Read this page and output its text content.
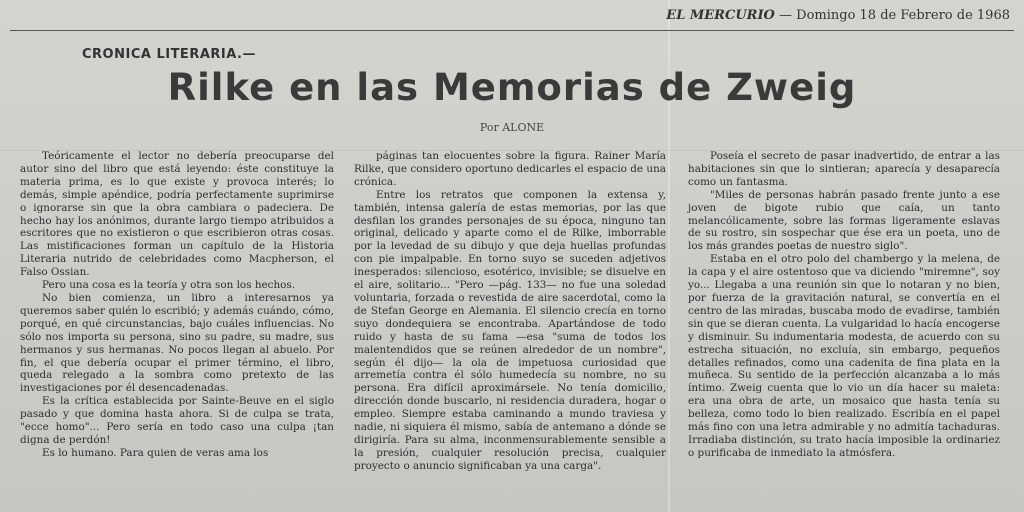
EL MERCURIO — Domingo 18 de Febrero de 1968
CRONICA LITERARIA.—
Rilke en las Memorias de Zweig
Por ALONE

Teóricamente el lector no debería preocuparse del autor sino del libro que está leyendo: éste constituye la materia prima, es lo que existe y provoca interés; lo demás, simple apéndice, podría perfectamente suprimirse o ignorarse sin que la obra cambiara o padeciera. De hecho hay los anónimos, durante largo tiempo atribuidos a escritores que no existieron o que escribieron otras cosas. Las mistificaciones forman un capítulo de la Historia Literaria nutrido de celebridades como Macpherson, el Falso Ossian.

Pero una cosa es la teoría y otra son los hechos.

No bien comienza, un libro a interesarnos ya queremos saber quién lo escribió; y además cuándo, cómo, porqué, en qué circunstancias, bajo cuáles influencias. No sólo nos importa su persona, sino su padre, su madre, sus hermanos y sus hermanas. No pocos llegan al abuelo. Por fin, el que debería ocupar el primer término, el libro, queda relegado a la sombra como pretexto de las investigaciones por él desencadenadas.

Es la crítica establecida por Sainte-Beuve en el siglo pasado y que domina hasta ahora. Si de culpa se trata, "ecce homo"... Pero sería en todo caso una culpa ¡tan digna de perdón!

Es lo humano. Para quien de veras ama los

páginas tan elocuentes sobre la figura. Rainer María Rilke, que considero oportuno dedicarles el espacio de una crónica.

Entre los retratos que componen la extensa y, también, intensa galería de estas memorias, por las que desfilan los grandes personajes de su época, ninguno tan original, delicado y aparte como el de Rilke, imborrable por la levedad de su dibujo y que deja huellas profundas con pie impalpable. En torno suyo se suceden adjetivos inesperados: silencioso, esotérico, invisible; se disuelve en el aire, solitario... "Pero —pág. 133— no fue una soledad voluntaria, forzada o revestida de aire sacerdotal, como la de Stefan George en Alemania. El silencio crecía en torno suyo dondequiera se encontraba. Apartándose de todo ruido y hasta de su fama —esa "suma de todos los malentendidos que se reúnen alrededor de un nombre", según él dijo— la ola de impetuosa curiosidad que arremetía contra él sólo humedecía su nombre, no su persona. Era difícil aproximársele. No tenía domicilio, dirección donde buscarlo, ni residencia duradera, hogar o empleo. Siempre estaba caminando a mundo traviesa y nadie, ni siquiera él mismo, sabía de antemano a dónde se dirigiría. Para su alma, inconmensurablemente sensible a la presión, cualquier resolución precisa, cualquier proyecto o anuncio significaban ya una carga".

Poseía el secreto de pasar inadvertido, de entrar a las habitaciones sin que lo sintieran; aparecía y desaparecía como un fantasma.

"Miles de personas habrán pasado frente junto a ese joven de bigote rubio que caía, un tanto melancólicamente, sobre las formas ligeramente eslavas de su rostro, sin sospechar que ése era un poeta, uno de los más grandes poetas de nuestro siglo".

Estaba en el otro polo del chambergo y la melena, de la capa y el aire ostentoso que va diciendo "miremne", soy yo... Llegaba a una reunión sin que lo notaran y no bien, por fuerza de la gravitación natural, se convertía en el centro de las miradas, buscaba modo de evadirse, también sin que se dieran cuenta. La vulgaridad lo hacía encogerse y disminuir. Su indumentaria modesta, de acuerdo con su estrecha situación, no excluía, sin embargo, pequeños detalles refinados, como una cadenita de fina plata en la muñeca. Su sentido de la perfección alcanzaba a lo más íntimo. Zweig cuenta que lo vio un día hacer su maleta: era una obra de arte, un mosaico que hasta tenía su belleza, como todo lo bien realizado. Escribía en el papel más fino con una letra admirable y no admitía tachaduras. Irradiaba distinción, su trato hacía imposible la ordinariez o purificaba de inmediato la atmósfera.
